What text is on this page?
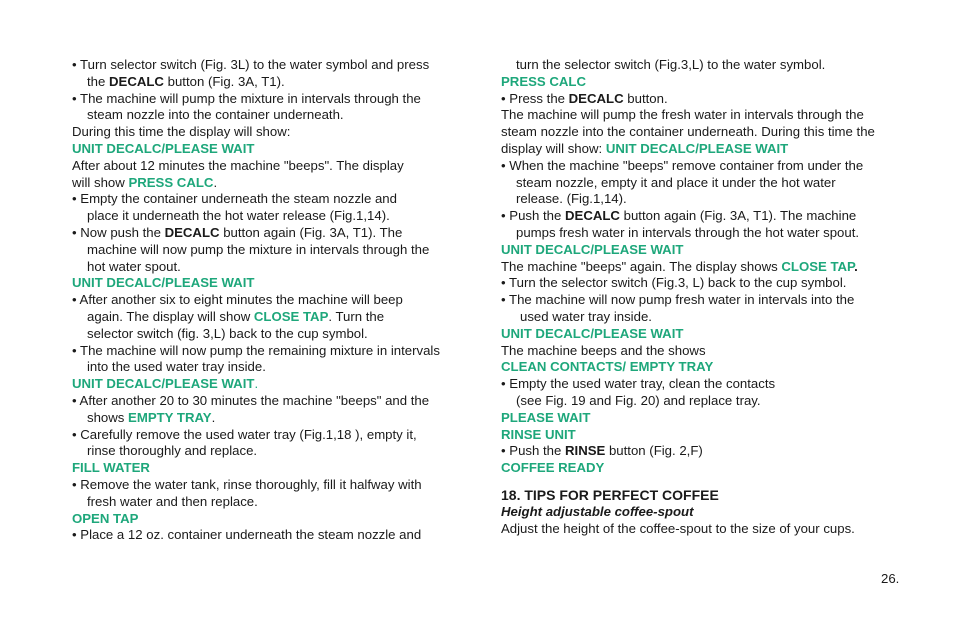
• Turn selector switch (Fig. 3L) to the water symbol and press
the DECALC button (Fig. 3A, T1).
• The machine will pump the mixture in intervals through the
steam nozzle into the container underneath.
During this time the display will show:
UNIT DECALC/PLEASE WAIT
After about 12 minutes the machine "beeps". The display
will show PRESS CALC.
• Empty the container underneath the steam nozzle and
place it underneath the hot water release (Fig.1,14).
• Now push the DECALC button again (Fig. 3A, T1). The
machine will now pump the mixture in intervals through the
hot water spout.
UNIT DECALC/PLEASE WAIT
• After another six to eight minutes the machine will beep
again. The display will show CLOSE TAP. Turn the
selector switch (fig. 3,L) back to the cup symbol.
• The machine will now pump the remaining mixture in intervals
into the used water tray inside.
UNIT DECALC/PLEASE WAIT.
• After another 20 to 30 minutes the machine "beeps" and the
shows EMPTY TRAY.
• Carefully remove the used water tray (Fig.1,18 ), empty it,
rinse thoroughly and replace.
FILL WATER
• Remove the water tank, rinse thoroughly, fill it halfway with
fresh water and then replace.
OPEN TAP
• Place a 12 oz. container underneath the steam nozzle and
turn the selector switch (Fig.3,L) to the water symbol.
PRESS CALC
• Press the DECALC button.
The machine will pump the fresh water in intervals through the
steam nozzle into the container underneath. During this time the
display will show: UNIT DECALC/PLEASE WAIT
• When the machine "beeps" remove container from under the
steam nozzle, empty it and place it under the hot water
release. (Fig.1,14).
• Push the DECALC button again (Fig. 3A, T1). The machine
pumps fresh water in intervals through the hot water spout.
UNIT DECALC/PLEASE WAIT
The machine "beeps" again. The display shows CLOSE TAP.
• Turn the selector switch (Fig.3, L) back to the cup symbol.
• The machine will now pump fresh water in intervals into the
used water tray inside.
UNIT DECALC/PLEASE WAIT
The machine beeps and the shows
CLEAN CONTACTS/ EMPTY TRAY
• Empty the used water tray, clean the contacts
(see Fig. 19 and Fig. 20) and replace tray.
PLEASE WAIT
RINSE UNIT
• Push the RINSE button (Fig. 2,F)
COFFEE READY
18. TIPS FOR PERFECT COFFEE
Height adjustable coffee-spout
Adjust the height of the coffee-spout to the size of your cups.
26.
